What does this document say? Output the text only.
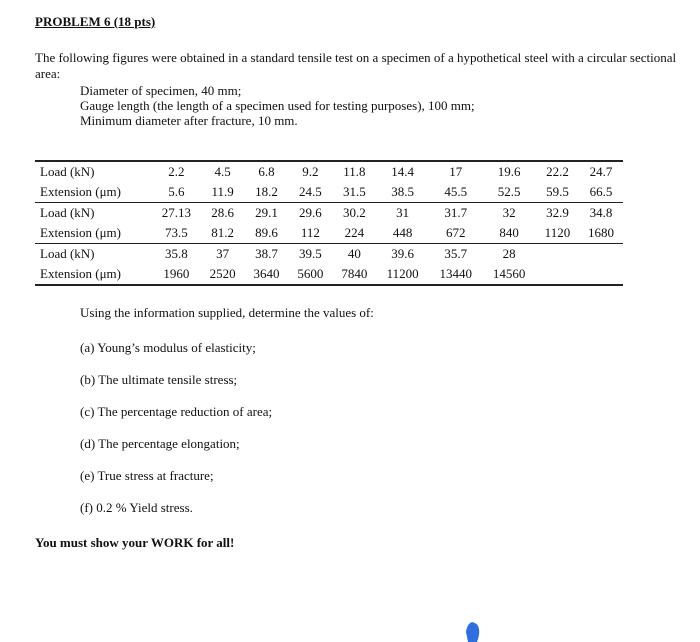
PROBLEM 6 (18 pts)
The following figures were obtained in a standard tensile test on a specimen of a hypothetical steel with a circular sectional area:
Diameter of specimen, 40 mm;
Gauge length (the length of a specimen used for testing purposes), 100 mm;
Minimum diameter after fracture, 10 mm.
Load (kN)	2.2	4.5	6.8	9.2	11.8	14.4	17	19.6	22.2	24.7
Extension (μm)	5.6	11.9	18.2	24.5	31.5	38.5	45.5	52.5	59.5	66.5
Load (kN)	27.13	28.6	29.1	29.6	30.2	31	31.7	32	32.9	34.8
Extension (μm)	73.5	81.2	89.6	112	224	448	672	840	1120	1680
Load (kN)	35.8	37	38.7	39.5	40	39.6	35.7	28		
Extension (μm)	1960	2520	3640	5600	7840	11200	13440	14560		
Using the information supplied, determine the values of:
(a) Young’s modulus of elasticity;
(b) The ultimate tensile stress;
(c) The percentage reduction of area;
(d) The percentage elongation;
(e) True stress at fracture;
(f) 0.2 % Yield stress.
You must show your WORK for all!
